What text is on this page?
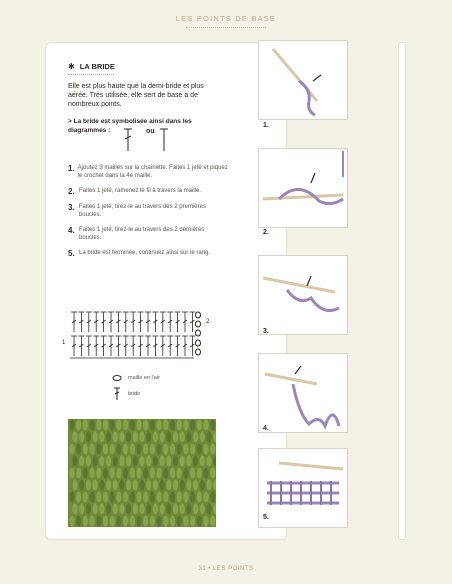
LES POINTS DE BASE
✱ LA BRIDE
Elle est plus haute que la demi-bride et plus aérée. Très utilisée, elle sert de base à de nombreux points.
> La bride est symbolisée ainsi dans les diagrammes :	ou
1. Ajoutez 3 mailles sur la chaînette. Faites 1 jeté et piquez le crochet dans la 4e maille.
2. Faites 1 jeté, ramenez le fil à travers la maille.
3. Faites 1 jeté, tirez-le au travers des 2 premières boucles.
4. Faites 1 jeté, tirez-le au travers des 2 dernières boucles.
5. La bride est terminée, continuez ainsi sur le rang.
2
1
maille en l'air
bride
1.
2.
3.
4.
5.
31 • LES POINTS
